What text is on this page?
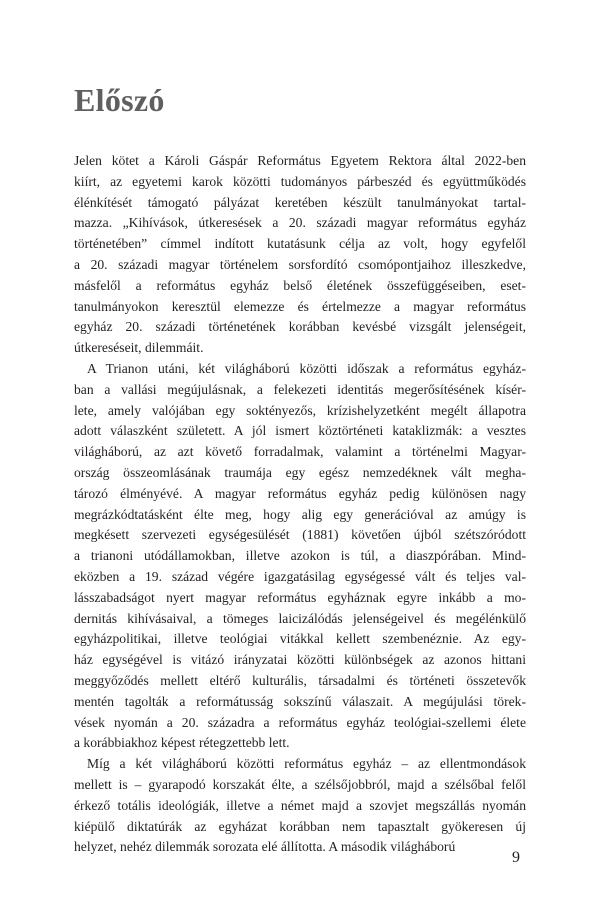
Előszó

Jelen kötet a Károli Gáspár Református Egyetem Rektora által 2022-ben
kiírt, az egyetemi karok közötti tudományos párbeszéd és együttműködés
élénkítését támogató pályázat keretében készült tanulmányokat tartal-
mazza. „Kihívások, útkeresések a 20. századi magyar református egyház
történetében” címmel indított kutatásunk célja az volt, hogy egyfelől
a 20. századi magyar történelem sorsfordító csomópontjaihoz illeszkedve,
másfelől a református egyház belső életének összefüggéseiben, eset-
tanulmányokon keresztül elemezze és értelmezze a magyar református
egyház 20. századi történetének korábban kevésbé vizsgált jelenségeit,
útkereséseit, dilemmáit.

A Trianon utáni, két világháború közötti időszak a református egyház-
ban a vallási megújulásnak, a felekezeti identitás megerősítésének kísér-
lete, amely valójában egy soktényezős, krízishelyzetként megélt állapotra
adott válaszként született. A jól ismert köztörténeti kataklizmák: a vesztes
világháború, az azt követő forradalmak, valamint a történelmi Magyar-
ország összeomlásának traumája egy egész nemzedéknek vált megha-
tározó élményévé. A magyar református egyház pedig különösen nagy
megrázkódtatásként élte meg, hogy alig egy generációval az amúgy is
megkésett szervezeti egységesülését (1881) követően újból szétszóródott
a trianoni utódállamokban, illetve azokon is túl, a diaszpórában. Mind-
eközben a 19. század végére igazgatásilag egységessé vált és teljes val-
lásszabadságot nyert magyar református egyháznak egyre inkább a mo-
dernitás kihívásaival, a tömeges laicizálódás jelenségeivel és megélénkülő
egyházpolitikai, illetve teológiai vitákkal kellett szembenéznie. Az egy-
ház egységével is vitázó irányzatai közötti különbségek az azonos hittani
meggyőződés mellett eltérő kulturális, társadalmi és történeti összetevők
mentén tagolták a reformátusság sokszínű válaszait. A megújulási törek-
vések nyomán a 20. századra a református egyház teológiai-szellemi élete
a korábbiakhoz képest rétegzettebb lett.

Míg a két világháború közötti református egyház – az ellentmondások
mellett is – gyarapodó korszakát élte, a szélsőjobbról, majd a szélsőbal felől
érkező totális ideológiák, illetve a német majd a szovjet megszállás nyomán
kiépülő diktatúrák az egyházat korábban nem tapasztalt gyökeresen új
helyzet, nehéz dilemmák sorozata elé állította. A második világháború

9
